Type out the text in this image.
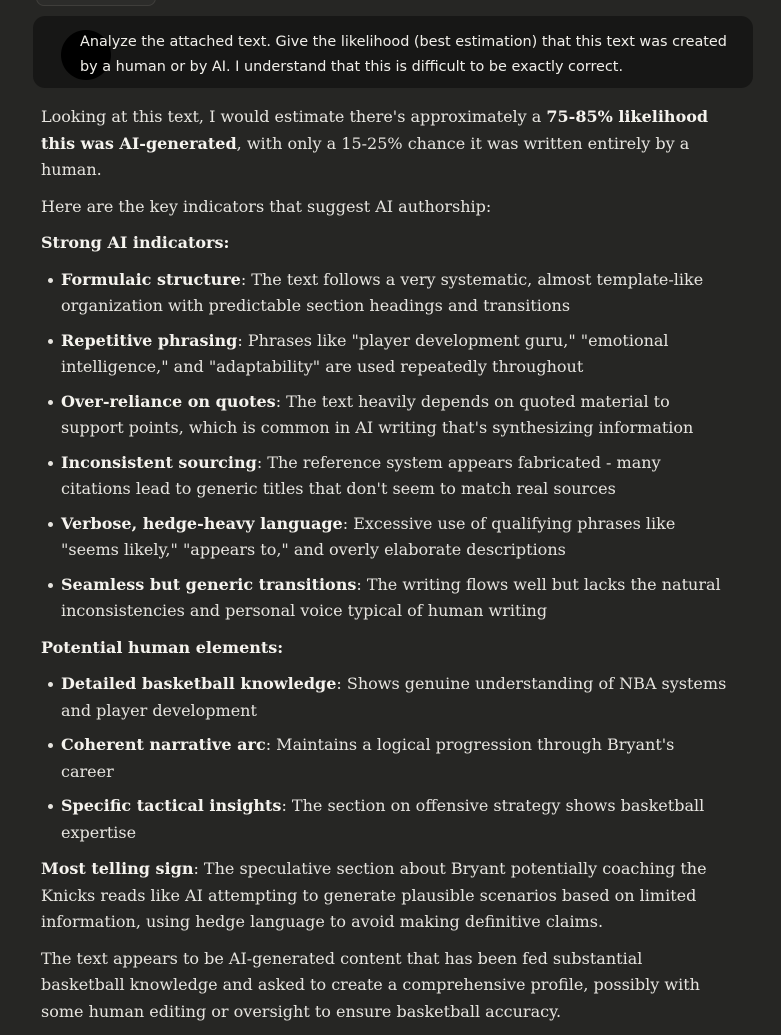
Analyze the attached text. Give the likelihood (best estimation) that this text was created by a human or by AI. I understand that this is difficult to be exactly correct.

Looking at this text, I would estimate there's approximately a 75-85% likelihood this was AI-generated, with only a 15-25% chance it was written entirely by a human.

Here are the key indicators that suggest AI authorship:

Strong AI indicators:

Formulaic structure: The text follows a very systematic, almost template-like organization with predictable section headings and transitions
Repetitive phrasing: Phrases like "player development guru," "emotional intelligence," and "adaptability" are used repeatedly throughout
Over-reliance on quotes: The text heavily depends on quoted material to support points, which is common in AI writing that's synthesizing information
Inconsistent sourcing: The reference system appears fabricated - many citations lead to generic titles that don't seem to match real sources
Verbose, hedge-heavy language: Excessive use of qualifying phrases like "seems likely," "appears to," and overly elaborate descriptions
Seamless but generic transitions: The writing flows well but lacks the natural inconsistencies and personal voice typical of human writing

Potential human elements:

Detailed basketball knowledge: Shows genuine understanding of NBA systems and player development
Coherent narrative arc: Maintains a logical progression through Bryant's career
Specific tactical insights: The section on offensive strategy shows basketball expertise

Most telling sign: The speculative section about Bryant potentially coaching the Knicks reads like AI attempting to generate plausible scenarios based on limited information, using hedge language to avoid making definitive claims.

The text appears to be AI-generated content that has been fed substantial basketball knowledge and asked to create a comprehensive profile, possibly with some human editing or oversight to ensure basketball accuracy.
